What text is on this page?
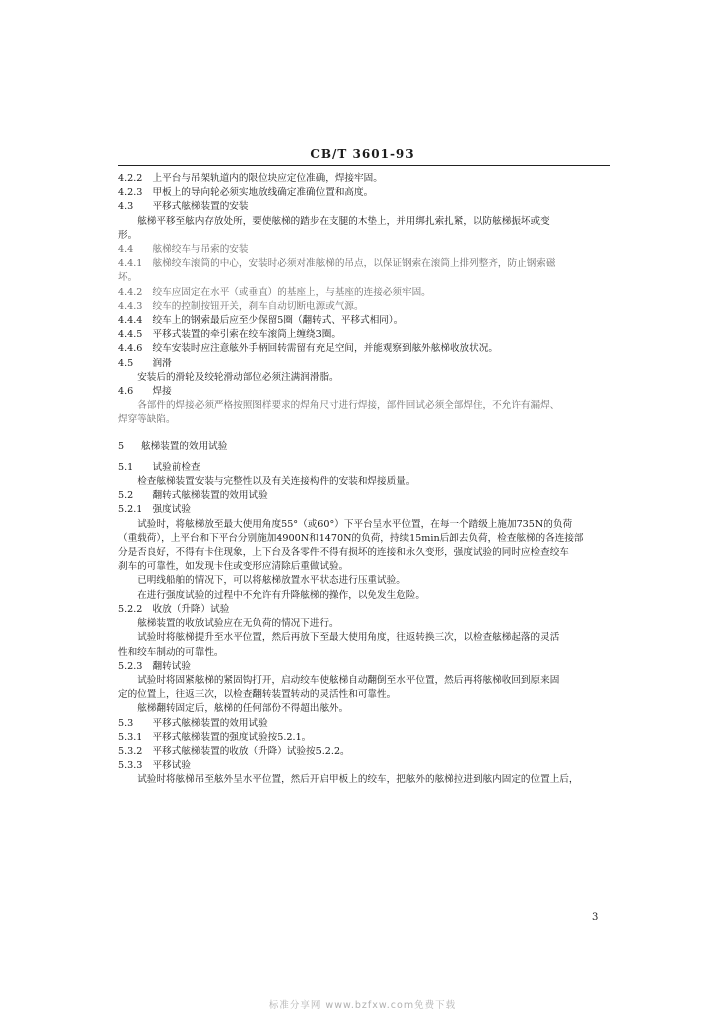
CB/T 3601-93

4.2.2 上平台与吊架轨道内的限位块应定位准确，焊接牢固。

4.2.3 甲板上的导向轮必须实地放线确定准确位置和高度。

4.3 平移式舷梯装置的安装

舷梯平移至舷内存放处所，要使舷梯的踏步在支腿的木垫上，并用绑扎索扎紧，以防舷梯振坏或变

形。

4.4 舷梯绞车与吊索的安装

4.4.1 舷梯绞车滚筒的中心，安装时必须对准舷梯的吊点，以保证钢索在滚筒上排列整齐，防止钢索磁

坏。

4.4.2 绞车应固定在水平（或垂直）的基座上，与基座的连接必须牢固。

4.4.3 绞车的控制按钮开关，刹车自动切断电源或气源。

4.4.4 绞车上的钢索最后应至少保留5圈（翻转式、平移式相同）。

4.4.5 平移式装置的牵引索在绞车滚筒上缠绕3圈。

4.4.6 绞车安装时应注意舷外手柄回转需留有充足空间，并能观察到舷外舷梯收放状况。

4.5 润滑

安装后的滑轮及绞轮滑动部位必须注满润滑脂。

4.6 焊接

各部件的焊接必须严格按照图样要求的焊角尺寸进行焊接，部件回试必须全部焊住，不允许有漏焊、

焊穿等缺陷。

5 舷梯装置的效用试验

5.1 试验前检查

检查舷梯装置安装与完整性以及有关连接构件的安装和焊接质量。

5.2 翻转式舷梯装置的效用试验

5.2.1 强度试验

试验时，将舷梯放至最大使用角度55°（或60°）下平台呈水平位置，在每一个踏级上施加735N的负荷

（重载荷），上平台和下平台分别施加4900N和1470N的负荷，持续15min后卸去负荷，检查舷梯的各连接部

分是否良好，不得有卡住现象，上下台及各零件不得有损坏的连接和永久变形，强度试验的同时应检查绞车

刹车的可靠性，如发现卡住或变形应清除后重做试验。

已明线船舶的情况下，可以将舷梯放置水平状态进行压重试验。

在进行强度试验的过程中不允许有升降舷梯的操作，以免发生危险。

5.2.2 收放（升降）试验

舷梯装置的收放试验应在无负荷的情况下进行。

试验时将舷梯提升至水平位置，然后再放下至最大使用角度，往返转换三次，以检查舷梯起落的灵活

性和绞车制动的可靠性。

5.2.3 翻转试验

试验时将固紧舷梯的紧固钩打开，启动绞车使舷梯自动翻倒至水平位置，然后再将舷梯收回到原来固

定的位置上，往返三次，以检查翻转装置转动的灵活性和可靠性。

舷梯翻转固定后，舷梯的任何部份不得超出舷外。

5.3 平移式舷梯装置的效用试验

5.3.1 平移式舷梯装置的强度试验按5.2.1。

5.3.2 平移式舷梯装置的收放（升降）试验按5.2.2。

5.3.3 平移试验

试验时将舷梯吊至舷外呈水平位置，然后开启甲板上的绞车，把舷外的舷梯拉进到舷内固定的位置上后，

3
标准分享网 www.bzfxw.com免费下载
